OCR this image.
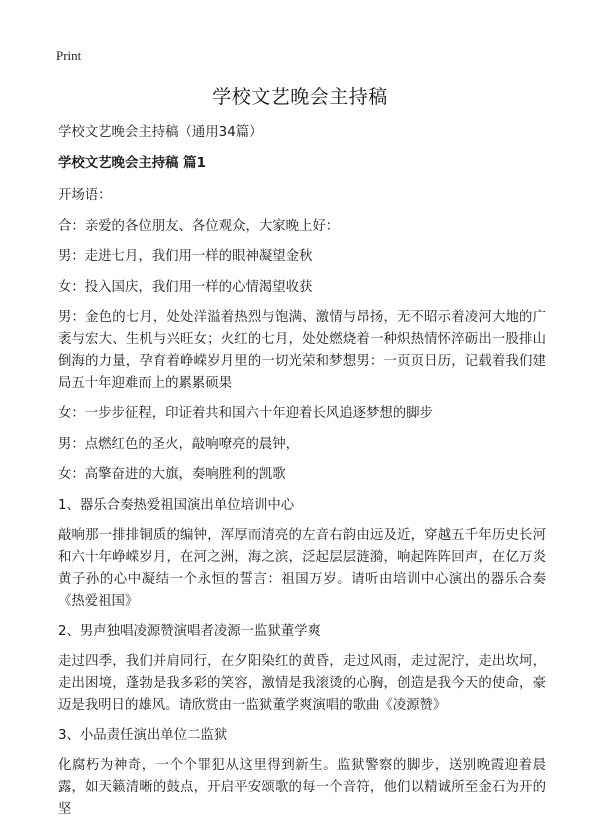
Print
学校文艺晚会主持稿

学校文艺晚会主持稿（通用34篇）

学校文艺晚会主持稿 篇1

开场语：

合：亲爱的各位朋友、各位观众，大家晚上好：

男：走进七月，我们用一样的眼神凝望金秋

女：投入国庆，我们用一样的心情渴望收获

男：金色的七月，处处洋溢着热烈与饱满、激情与昂扬，无不昭示着凌河大地的广袤与宏大、生机与兴旺女；火红的七月，处处燃烧着一种炽热情怀淬砺出一股排山倒海的力量，孕育着峥嵘岁月里的一切光荣和梦想男：一页页日历，记载着我们建局五十年迎难而上的累累硕果

女：一步步征程，印证着共和国六十年迎着长风追逐梦想的脚步

男：点燃红色的圣火，敲响嘹亮的晨钟，

女：高擎奋进的大旗，奏响胜利的凯歌

1、器乐合奏热爱祖国演出单位培训中心

敲响那一排排铜质的编钟，浑厚而清亮的左音右韵由远及近，穿越五千年历史长河和六十年峥嵘岁月，在河之洲，海之滨，泛起层层涟漪，响起阵阵回声，在亿万炎黄子孙的心中凝结一个永恒的誓言：祖国万岁。请听由培训中心演出的器乐合奏《热爱祖国》

2、男声独唱凌源赞演唱者凌源一监狱董学爽

走过四季，我们并肩同行，在夕阳染红的黄昏，走过风雨，走过泥泞，走出坎坷，走出困境，蓬勃是我多彩的笑容，激情是我滚烫的心胸，创造是我今天的使命，豪迈是我明日的雄风。请欣赏由一监狱董学爽演唱的歌曲《凌源赞》

3、小品责任演出单位二监狱

化腐朽为神奇，一个个罪犯从这里得到新生。监狱警察的脚步，送别晚霞迎着晨露，如天籁清晰的鼓点，开启平安颂歌的每一个音符，他们以精诚所至金石为开的坚
